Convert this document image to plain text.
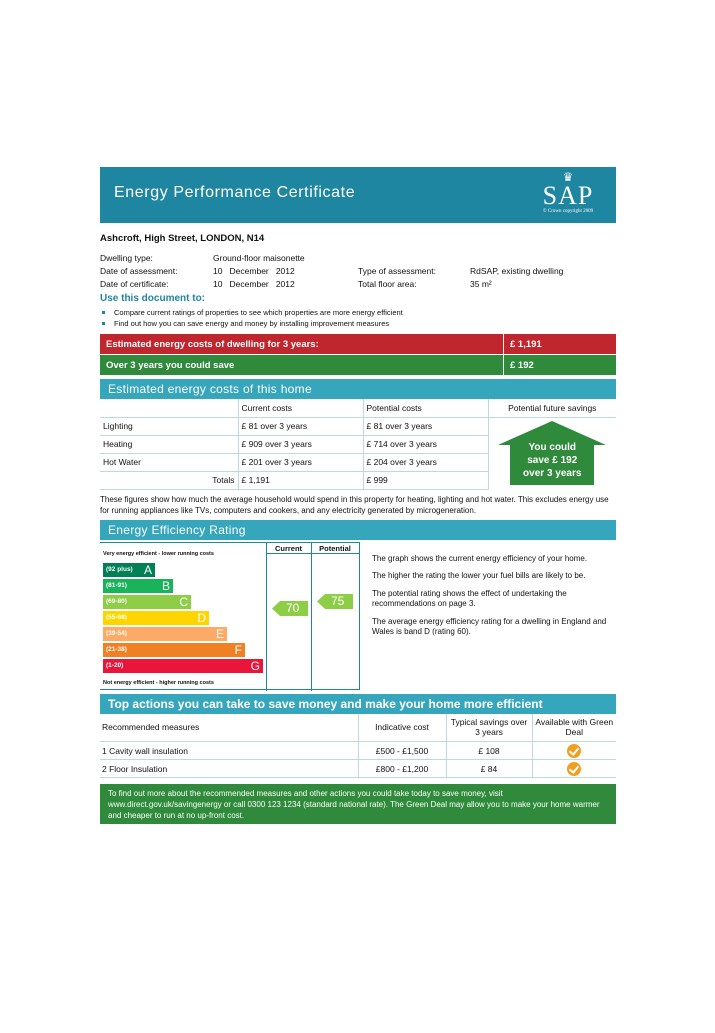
Energy Performance Certificate
♛
SAP
© Crown copyright 2009
Ashcroft, High Street, LONDON, N14
Dwelling type:	Ground-floor maisonette
Date of assessment:	10   December   2012
Date of certificate:	10   December   2012
Type of assessment:	RdSAP, existing dwelling
Total floor area:	35 m²
Use this document to:
Compare current ratings of properties to see which properties are more energy efficient
Find out how you can save energy and money by installing improvement measures
Estimated energy costs of dwelling for 3 years:	£ 1,191
Over 3 years you could save	£ 192
Estimated energy costs of this home
	Current costs	Potential costs	Potential future savings
Lighting	£ 81 over 3 years	£ 81 over 3 years	You could
save £ 192
over 3 years

Heating	£ 909 over 3 years	£ 714 over 3 years	
Hot Water	£ 201 over 3 years	£ 204 over 3 years	
Totals	£ 1,191	£ 999	
These figures show how much the average household would spend in this property for heating, lighting and hot water. This excludes energy use for running appliances like TVs, computers and cookers, and any electricity generated by microgeneration.
Energy Efficiency Rating
Very energy efficient - lower running costs
(92 plus) A
(81-91)	B
(69-80)	C
(55-68)	D
(39-54)	E
(21-38)	F
(1-20)	G
Not energy efficient - higher running costs
Current	Potential
70	75

The graph shows the current energy efficiency of your home.

The higher the rating the lower your fuel bills are likely to be.

The potential rating shows the effect of undertaking the recommendations on page 3.

The average energy efficiency rating for a dwelling in England and Wales is band D (rating 60).

Top actions you can take to save money and make your home more efficient
Recommended measures	Indicative cost	Typical savings over 3 years	Available with Green Deal
1 Cavity wall insulation	£500 - £1,500	£ 108	
2 Floor Insulation	£800 - £1,200	£ 84	
To find out more about the recommended measures and other actions you could take today to save money, visit www.direct.gov.uk/savingenergy or call 0300 123 1234 (standard national rate). The Green Deal may allow you to make your home warmer and cheaper to run at no up-front cost.
